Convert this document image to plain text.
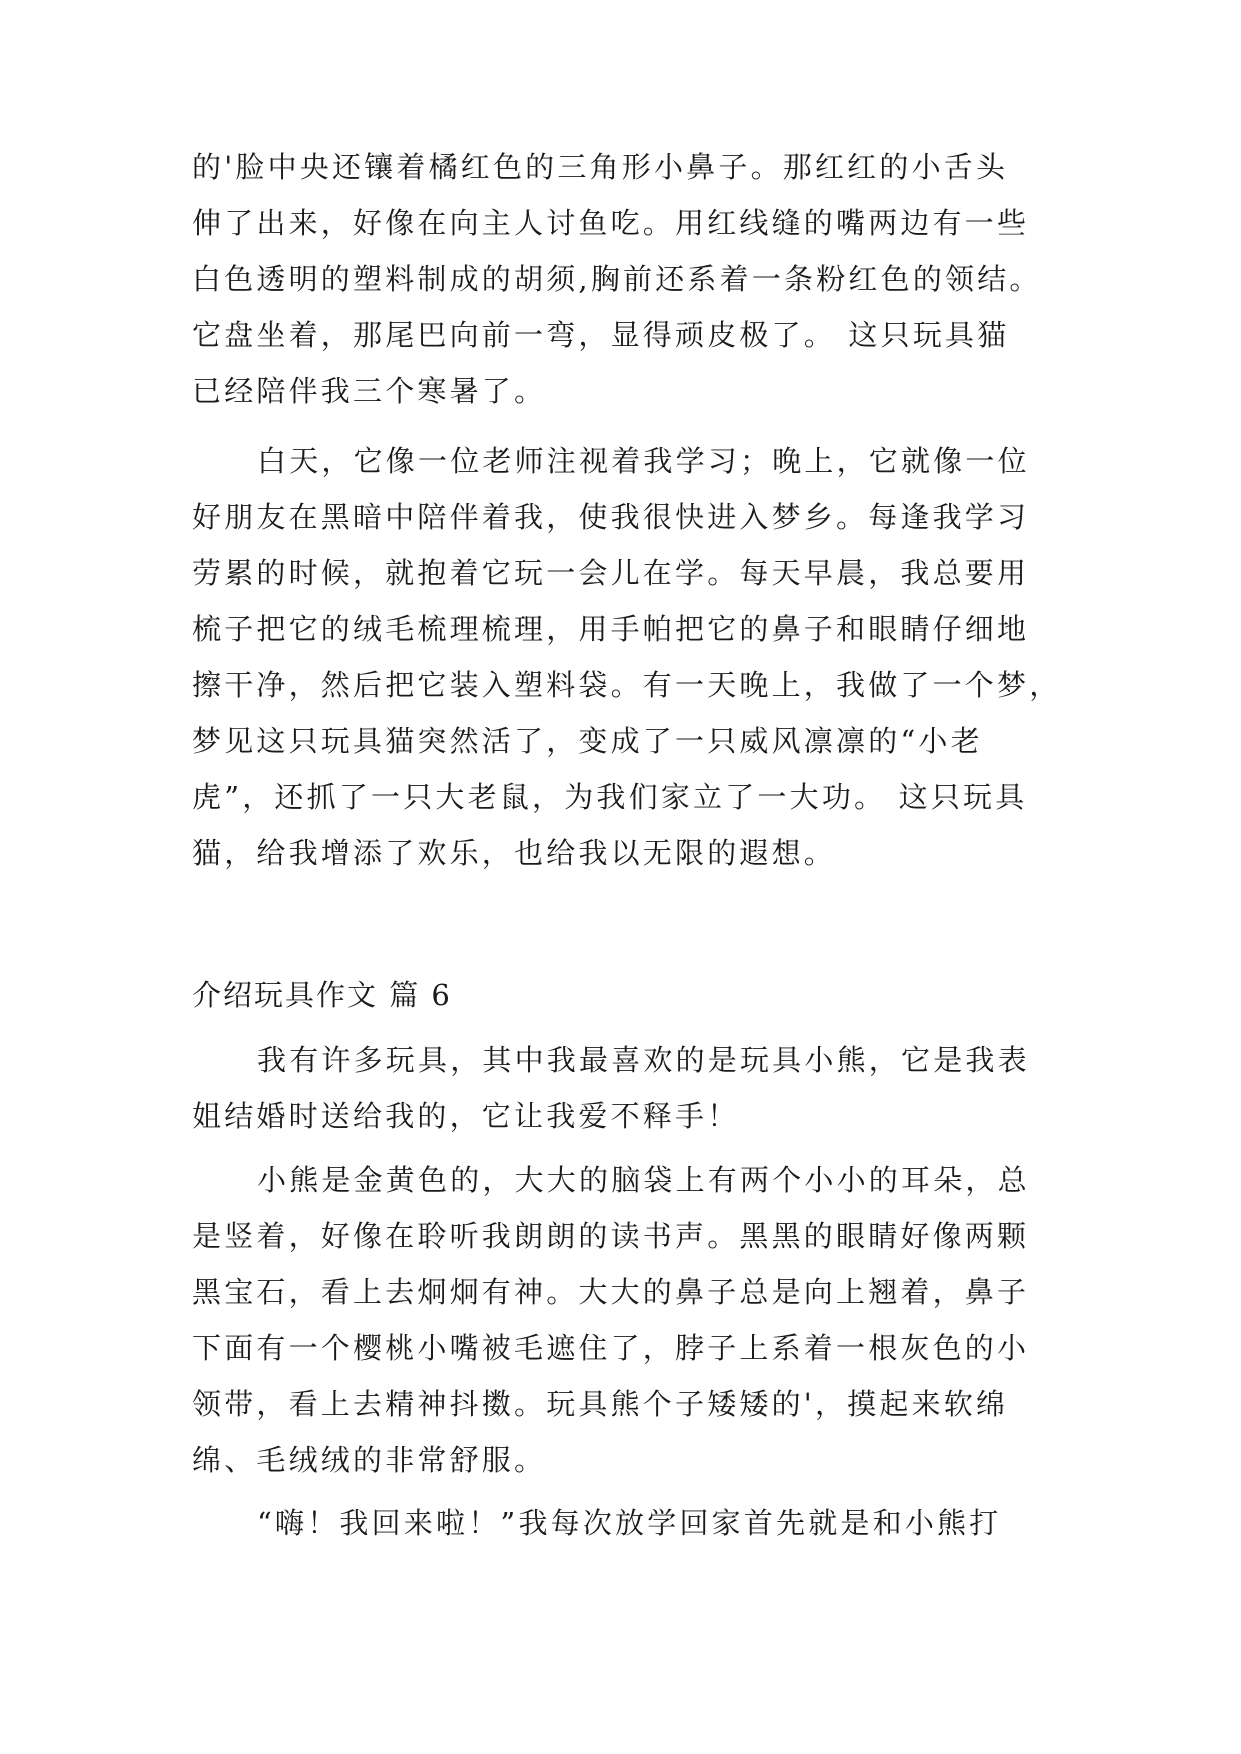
的'脸中央还镶着橘红色的三角形小鼻子。那红红的小舌头
伸了出来，好像在向主人讨鱼吃。用红线缝的嘴两边有一些
白色透明的塑料制成的胡须,胸前还系着一条粉红色的领结。
它盘坐着，那尾巴向前一弯，显得顽皮极了。 这只玩具猫
已经陪伴我三个寒暑了。
白天，它像一位老师注视着我学习；晚上，它就像一位
好朋友在黑暗中陪伴着我，使我很快进入梦乡。每逢我学习
劳累的时候，就抱着它玩一会儿在学。每天早晨，我总要用
梳子把它的绒毛梳理梳理，用手帕把它的鼻子和眼睛仔细地
擦干净，然后把它装入塑料袋。有一天晚上，我做了一个梦，
梦见这只玩具猫突然活了，变成了一只威风凛凛的“小老
虎”，还抓了一只大老鼠，为我们家立了一大功。 这只玩具
猫，给我增添了欢乐，也给我以无限的遐想。
介绍玩具作文 篇 6
我有许多玩具，其中我最喜欢的是玩具小熊，它是我表
姐结婚时送给我的，它让我爱不释手！
小熊是金黄色的，大大的脑袋上有两个小小的耳朵，总
是竖着，好像在聆听我朗朗的读书声。黑黑的眼睛好像两颗
黑宝石，看上去炯炯有神。大大的鼻子总是向上翘着，鼻子
下面有一个樱桃小嘴被毛遮住了，脖子上系着一根灰色的小
领带，看上去精神抖擞。玩具熊个子矮矮的'，摸起来软绵
绵、毛绒绒的非常舒服。
“嗨！我回来啦！”我每次放学回家首先就是和小熊打
